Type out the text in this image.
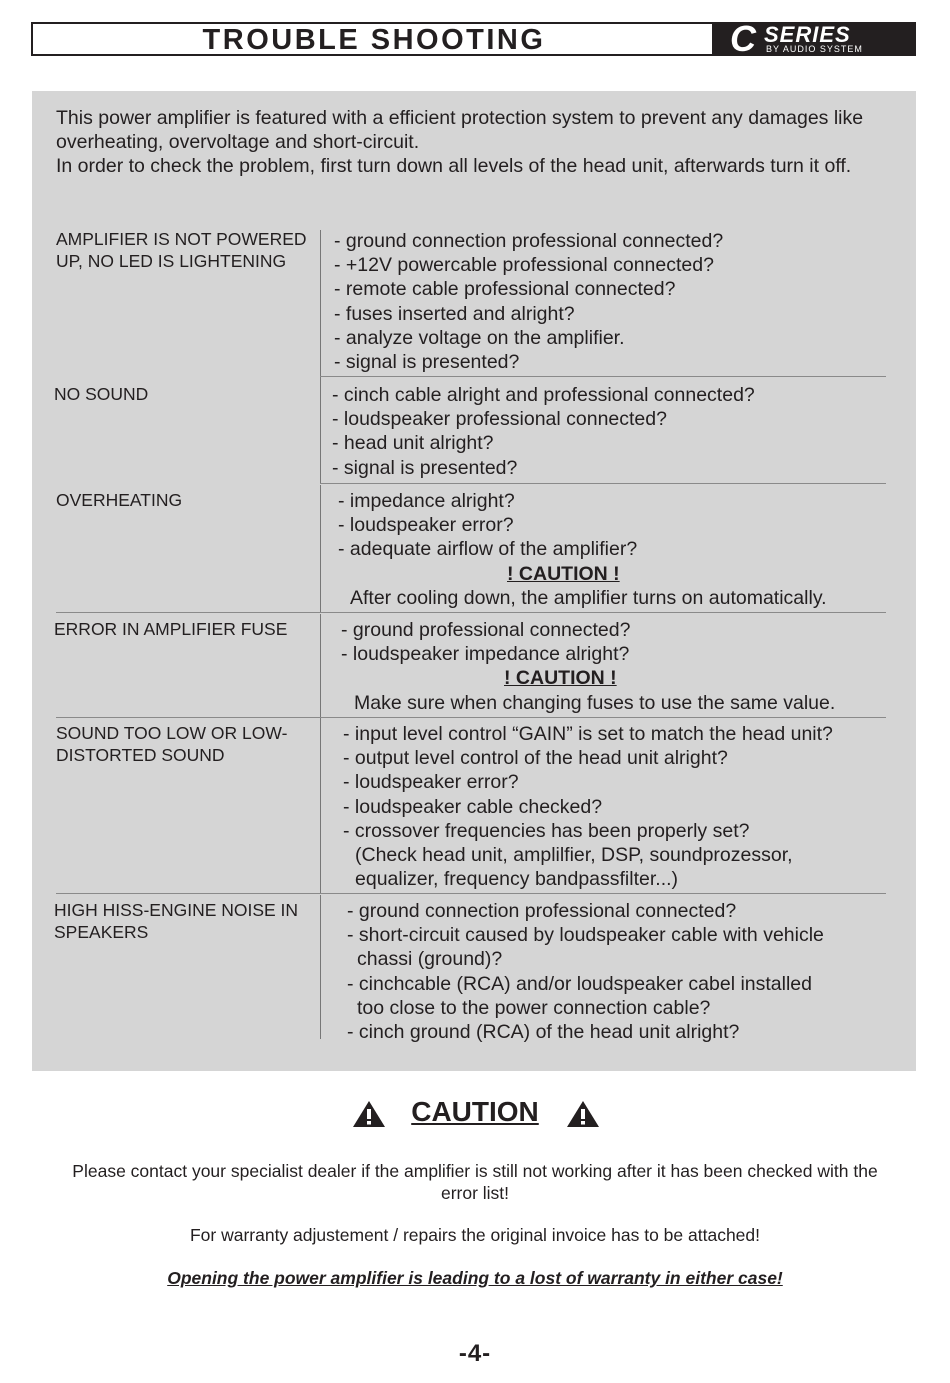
TROUBLE SHOOTING	C SERIES
BY AUDIO SYSTEM

This power amplifier is featured with a efficient protection system to prevent any damages like overheating, overvoltage and short-circuit.

In order to check the problem, first turn down all levels of the head unit, afterwards turn it off.

AMPLIFIER IS NOT POWERED UP, NO LED IS LIGHTENING
- ground connection professional connected?
- +12V powercable professional connected?
- remote cable professional connected?
- fuses inserted and alright?
- analyze voltage on the amplifier.
- signal is presented?
NO SOUND	- cinch cable alright and professional connected?
- loudspeaker professional connected?
- head unit alright?
- signal is presented?
OVERHEATING	- impedance alright?
- loudspeaker error?
- adequate airflow of the amplifier?
! CAUTION !
After cooling down, the amplifier turns on automatically.
ERROR IN AMPLIFIER FUSE	- ground professional connected?
- loudspeaker impedance alright?
! CAUTION !
Make sure when changing fuses to use the same value.
SOUND TOO LOW OR LOW-DISTORTED SOUND
- input level control “GAIN” is set to match the head unit?
- output level control of the head unit alright?
- loudspeaker error?
- loudspeaker cable checked?
- crossover frequencies has been properly set?
(Check head unit, amplilfier, DSP, soundprozessor,
equalizer, frequency bandpassfilter...)
HIGH HISS-ENGINE NOISE IN SPEAKERS
- ground connection professional connected?
- short-circuit caused by loudspeaker cable with vehicle
chassi (ground)?
- cinchcable (RCA) and/or loudspeaker cabel installed
too close to the power connection cable?
- cinch ground (RCA) of the head unit alright?
CAUTION
Please contact your specialist dealer if the amplifier is still not working after it has been checked with the error list!
For warranty adjustement / repairs the original invoice has to be attached!
Opening the power amplifier is leading to a lost of warranty in either case!
-4-
